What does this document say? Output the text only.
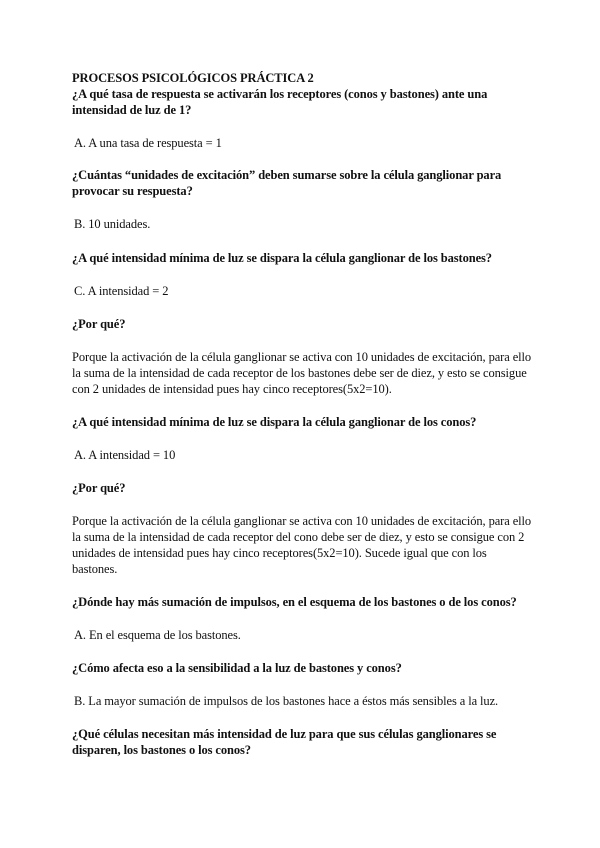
PROCESOS PSICOLÓGICOS PRÁCTICA 2

¿A qué tasa de respuesta se activarán los receptores (conos y bastones) ante una intensidad de luz de 1?

A. A una tasa de respuesta = 1

¿Cuántas “unidades de excitación” deben sumarse sobre la célula ganglionar para provocar su respuesta?

B. 10 unidades.

¿A qué intensidad mínima de luz se dispara la célula ganglionar de los bastones?

C. A intensidad = 2

¿Por qué?

Porque la activación de la célula ganglionar se activa con 10 unidades de excitación, para ello la suma de la intensidad de cada receptor de los bastones debe ser de diez, y esto se consigue con 2 unidades de intensidad pues hay cinco receptores(5x2=10).

¿A qué intensidad mínima de luz se dispara la célula ganglionar de los conos?

A. A intensidad = 10

¿Por qué?

Porque la activación de la célula ganglionar se activa con 10 unidades de excitación, para ello la suma de la intensidad de cada receptor del cono debe ser de diez, y esto se consigue con 2 unidades de intensidad pues hay cinco receptores(5x2=10). Sucede igual que con los bastones.

¿Dónde hay más sumación de impulsos, en el esquema de los bastones o de los conos?

A. En el esquema de los bastones.

¿Cómo afecta eso a la sensibilidad a la luz de bastones y conos?

B. La mayor sumación de impulsos de los bastones hace a éstos más sensibles a la luz.

¿Qué células necesitan más intensidad de luz para que sus células ganglionares se disparen, los bastones o los conos?
